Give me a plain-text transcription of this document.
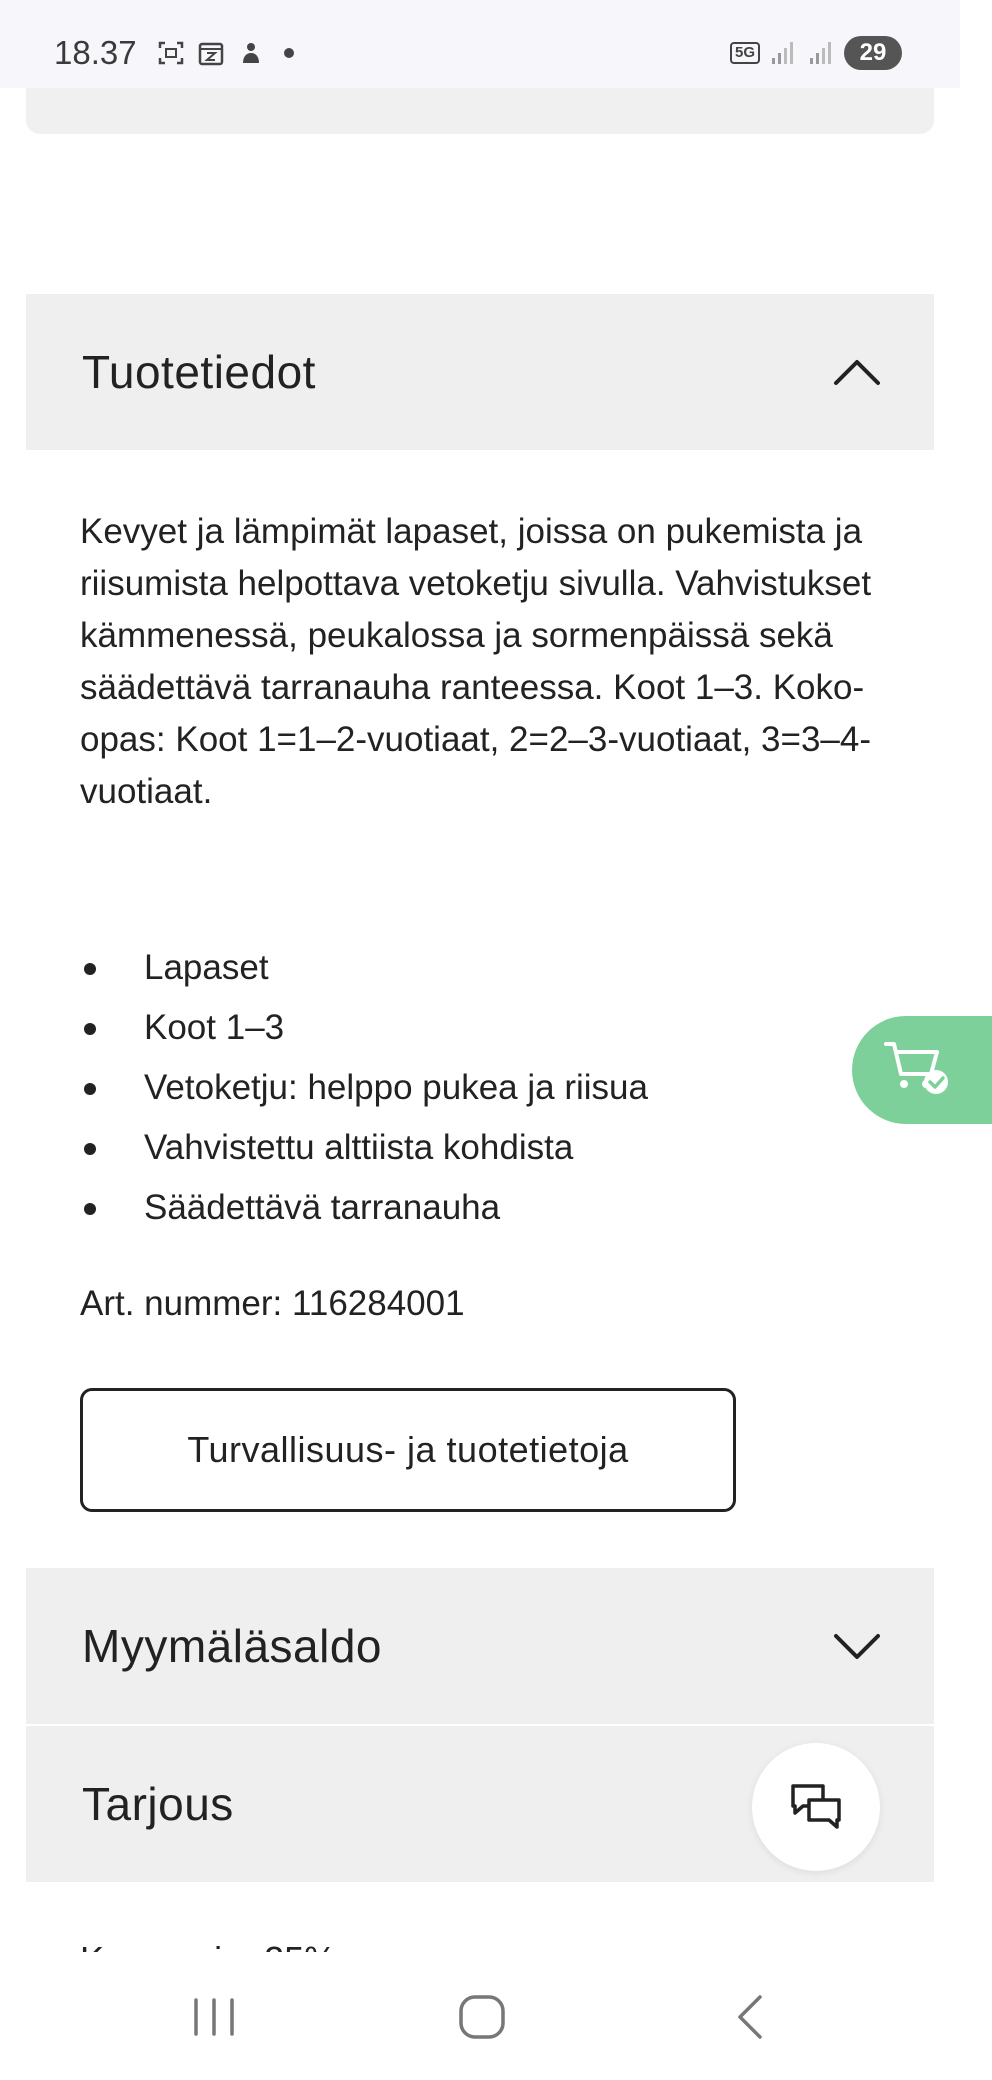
18.37	5G	29
Tuotetiedot

Kevyet ja lämpimät lapaset, joissa on pukemista ja riisumista helpottava vetoketju sivulla. Vahvistukset kämmenessä, peukalossa ja sormenpäissä sekä säädettävä tarranauha ranteessa. Koot 1–3. Koko-opas: Koot 1=1–2-vuotiaat, 2=2–3-vuotiaat, 3=3–4-vuotiaat.

Lapaset
Koot 1–3
Vetoketju: helppo pukea ja riisua
Vahvistettu alttiista kohdista
Säädettävä tarranauha
Art. nummer: 116284001
Turvallisuus- ja tuotetietoja
Myymäläsaldo
Tarjous
